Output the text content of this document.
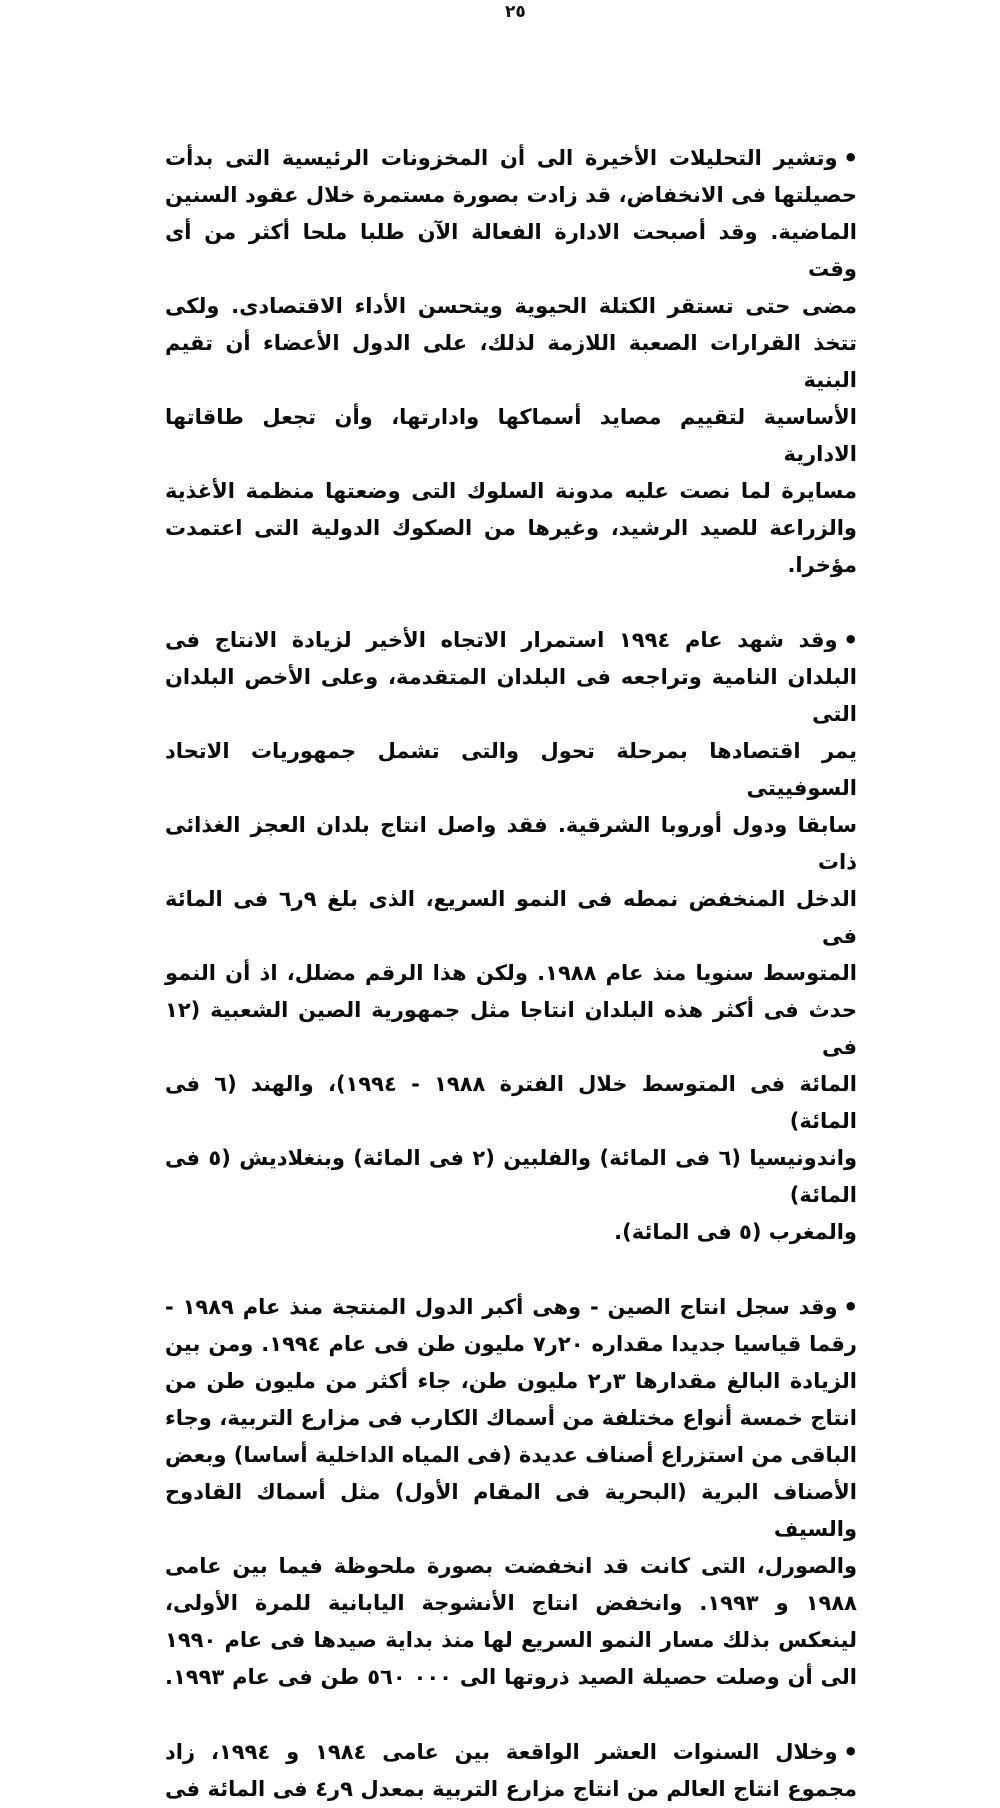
٢٥
•وتشير التحليلات الأخيرة الى أن المخزونات الرئيسية التى بدأت
حصيلتها فى الانخفاض، قد زادت بصورة مستمرة خلال عقود السنين
الماضية. وقد أصبحت الادارة الفعالة الآن طلبا ملحا أكثر من أى وقت
مضى حتى تستقر الكتلة الحيوية ويتحسن الأداء الاقتصادى. ولكى
تتخذ القرارات الصعبة اللازمة لذلك، على الدول الأعضاء أن تقيم البنية
الأساسية لتقييم مصايد أسماكها وادارتها، وأن تجعل طاقاتها الادارية
مسايرة لما نصت عليه مدونة السلوك التى وضعتها منظمة الأغذية
والزراعة للصيد الرشيد، وغيرها من الصكوك الدولية التى اعتمدت
مؤخرا.
•وقد شهد عام ١٩٩٤ استمرار الاتجاه الأخير لزيادة الانتاج فى
البلدان النامية وتراجعه فى البلدان المتقدمة، وعلى الأخص البلدان التى
يمر اقتصادها بمرحلة تحول والتى تشمل جمهوريات الاتحاد السوفييتى
سابقا ودول أوروبا الشرقية. فقد واصل انتاج بلدان العجز الغذائى ذات
الدخل المنخفض نمطه فى النمو السريع، الذى بلغ ٩ر٦ فى المائة فى
المتوسط سنويا منذ عام ١٩٨٨. ولكن هذا الرقم مضلل، اذ أن النمو
حدث فى أكثر هذه البلدان انتاجا مثل جمهورية الصين الشعبية (١٢ فى
المائة فى المتوسط خلال الفترة ١٩٨٨ - ١٩٩٤)، والهند (٦ فى المائة)
واندونيسيا (٦ فى المائة) والفلبين (٢ فى المائة) وبنغلاديش (٥ فى المائة)
والمغرب (٥ فى المائة).
•وقد سجل انتاج الصين - وهى أكبر الدول المنتجة منذ عام ١٩٨٩ -
رقما قياسيا جديدا مقداره ٢٠ر٧ مليون طن فى عام ١٩٩٤. ومن بين
الزيادة البالغ مقدارها ٣ر٢ مليون طن، جاء أكثر من مليون طن من
انتاج خمسة أنواع مختلفة من أسماك الكارب فى مزارع التربية، وجاء
الباقى من استزراع أصناف عديدة (فى المياه الداخلية أساسا) وبعض
الأصناف البرية (البحرية فى المقام الأول) مثل أسماك القادوح والسيف
والصورل، التى كانت قد انخفضت بصورة ملحوظة فيما بين عامى
١٩٨٨ و ١٩٩٣. وانخفض انتاج الأنشوجة اليابانية للمرة الأولى،
لينعكس بذلك مسار النمو السريع لها منذ بداية صيدها فى عام ١٩٩٠
الى أن وصلت حصيلة الصيد ذروتها الى ٥٦٠ ٠٠٠ طن فى عام ١٩٩٣.
•وخلال السنوات العشر الواقعة بين عامى ١٩٨٤ و ١٩٩٤، زاد
مجموع انتاج العالم من انتاج مزارع التربية بمعدل ٩ر٤ فى المائة فى
